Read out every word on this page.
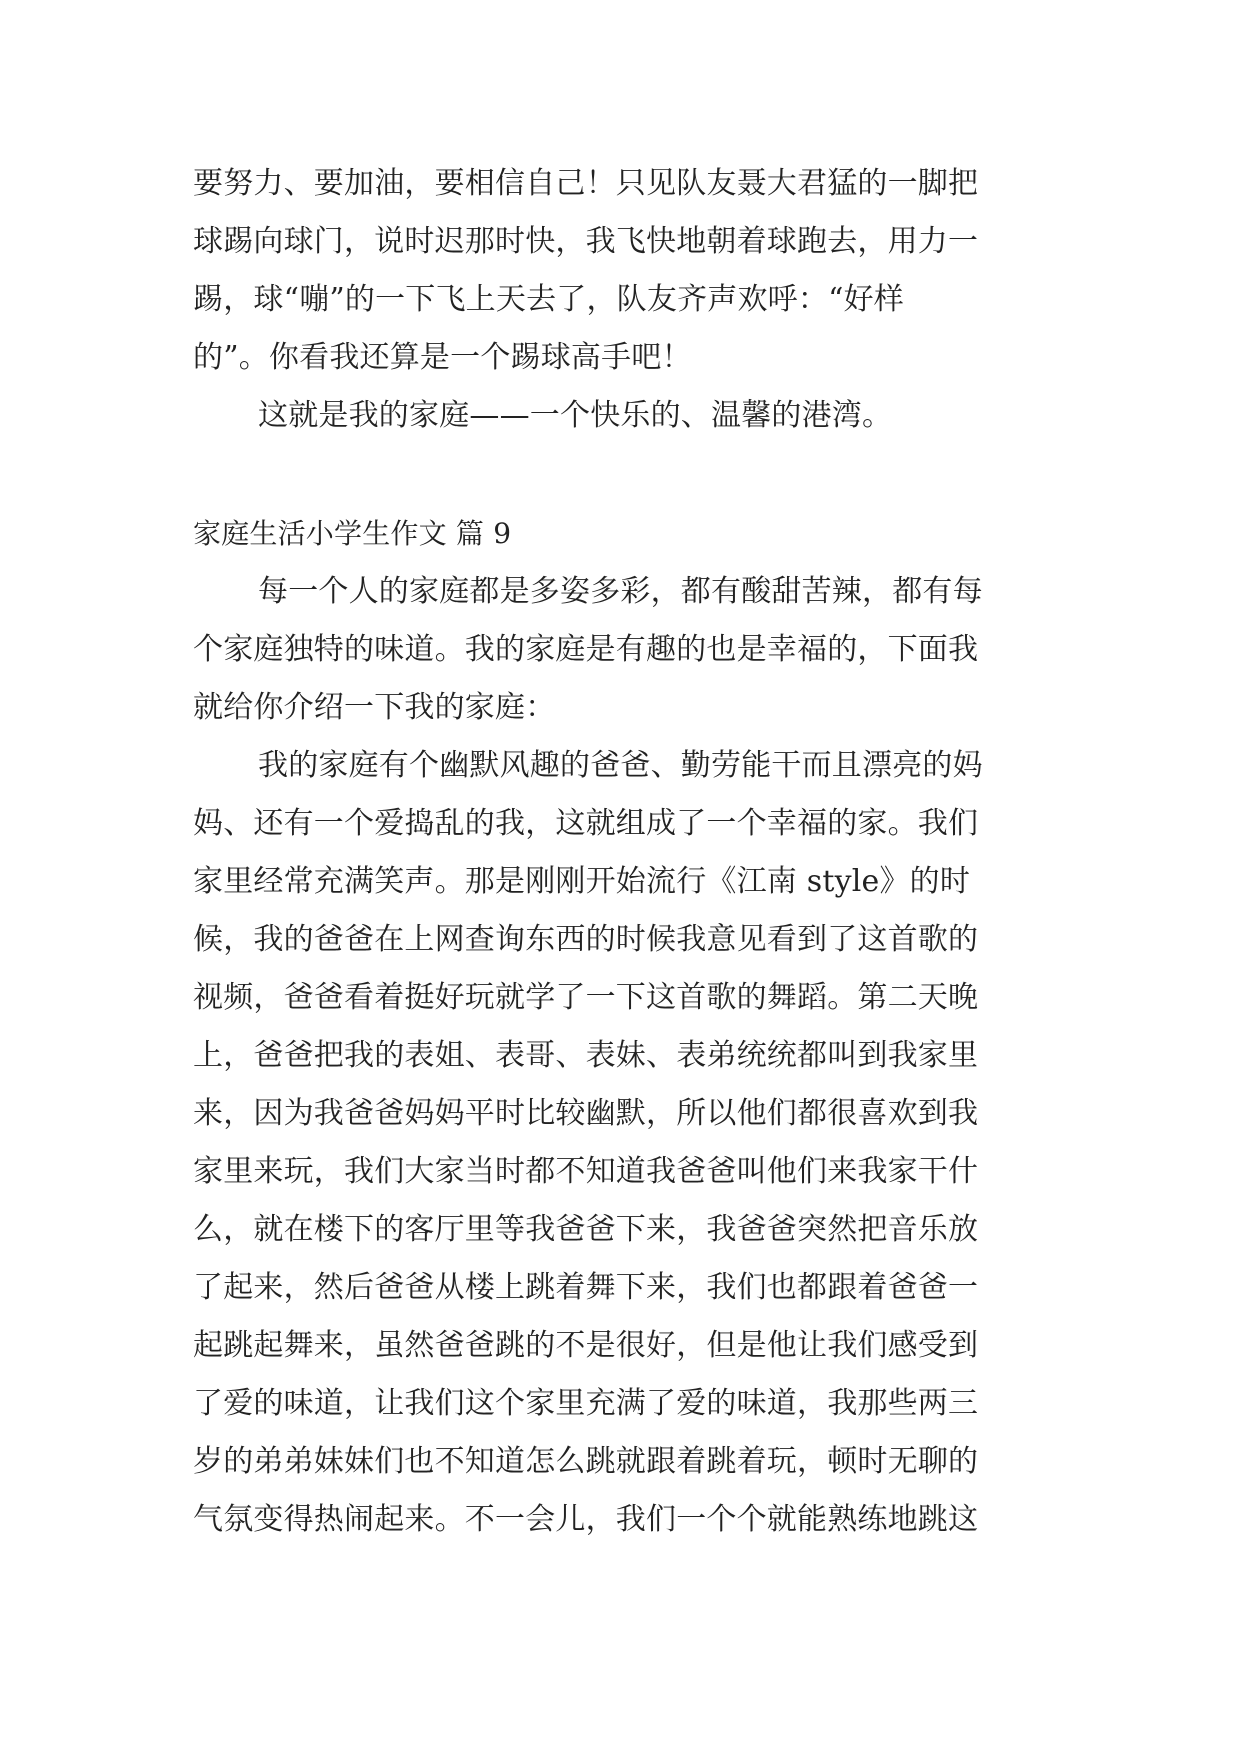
要努力、要加油，要相信自己！只见队友聂大君猛的一脚把
球踢向球门，说时迟那时快，我飞快地朝着球跑去，用力一
踢，球“嘣”的一下飞上天去了，队友齐声欢呼：“好样
的”。你看我还算是一个踢球高手吧！
这就是我的家庭——一个快乐的、温馨的港湾。
家庭生活小学生作文 篇 9
每一个人的家庭都是多姿多彩，都有酸甜苦辣，都有每
个家庭独特的味道。我的家庭是有趣的也是幸福的，下面我
就给你介绍一下我的家庭：
我的家庭有个幽默风趣的爸爸、勤劳能干而且漂亮的妈
妈、还有一个爱捣乱的我，这就组成了一个幸福的家。我们
家里经常充满笑声。那是刚刚开始流行《江南 style》的时
候，我的爸爸在上网查询东西的时候我意见看到了这首歌的
视频，爸爸看着挺好玩就学了一下这首歌的舞蹈。第二天晚
上，爸爸把我的表姐、表哥、表妹、表弟统统都叫到我家里
来，因为我爸爸妈妈平时比较幽默，所以他们都很喜欢到我
家里来玩，我们大家当时都不知道我爸爸叫他们来我家干什
么，就在楼下的客厅里等我爸爸下来，我爸爸突然把音乐放
了起来，然后爸爸从楼上跳着舞下来，我们也都跟着爸爸一
起跳起舞来，虽然爸爸跳的不是很好，但是他让我们感受到
了爱的味道，让我们这个家里充满了爱的味道，我那些两三
岁的弟弟妹妹们也不知道怎么跳就跟着跳着玩，顿时无聊的
气氛变得热闹起来。不一会儿，我们一个个就能熟练地跳这
